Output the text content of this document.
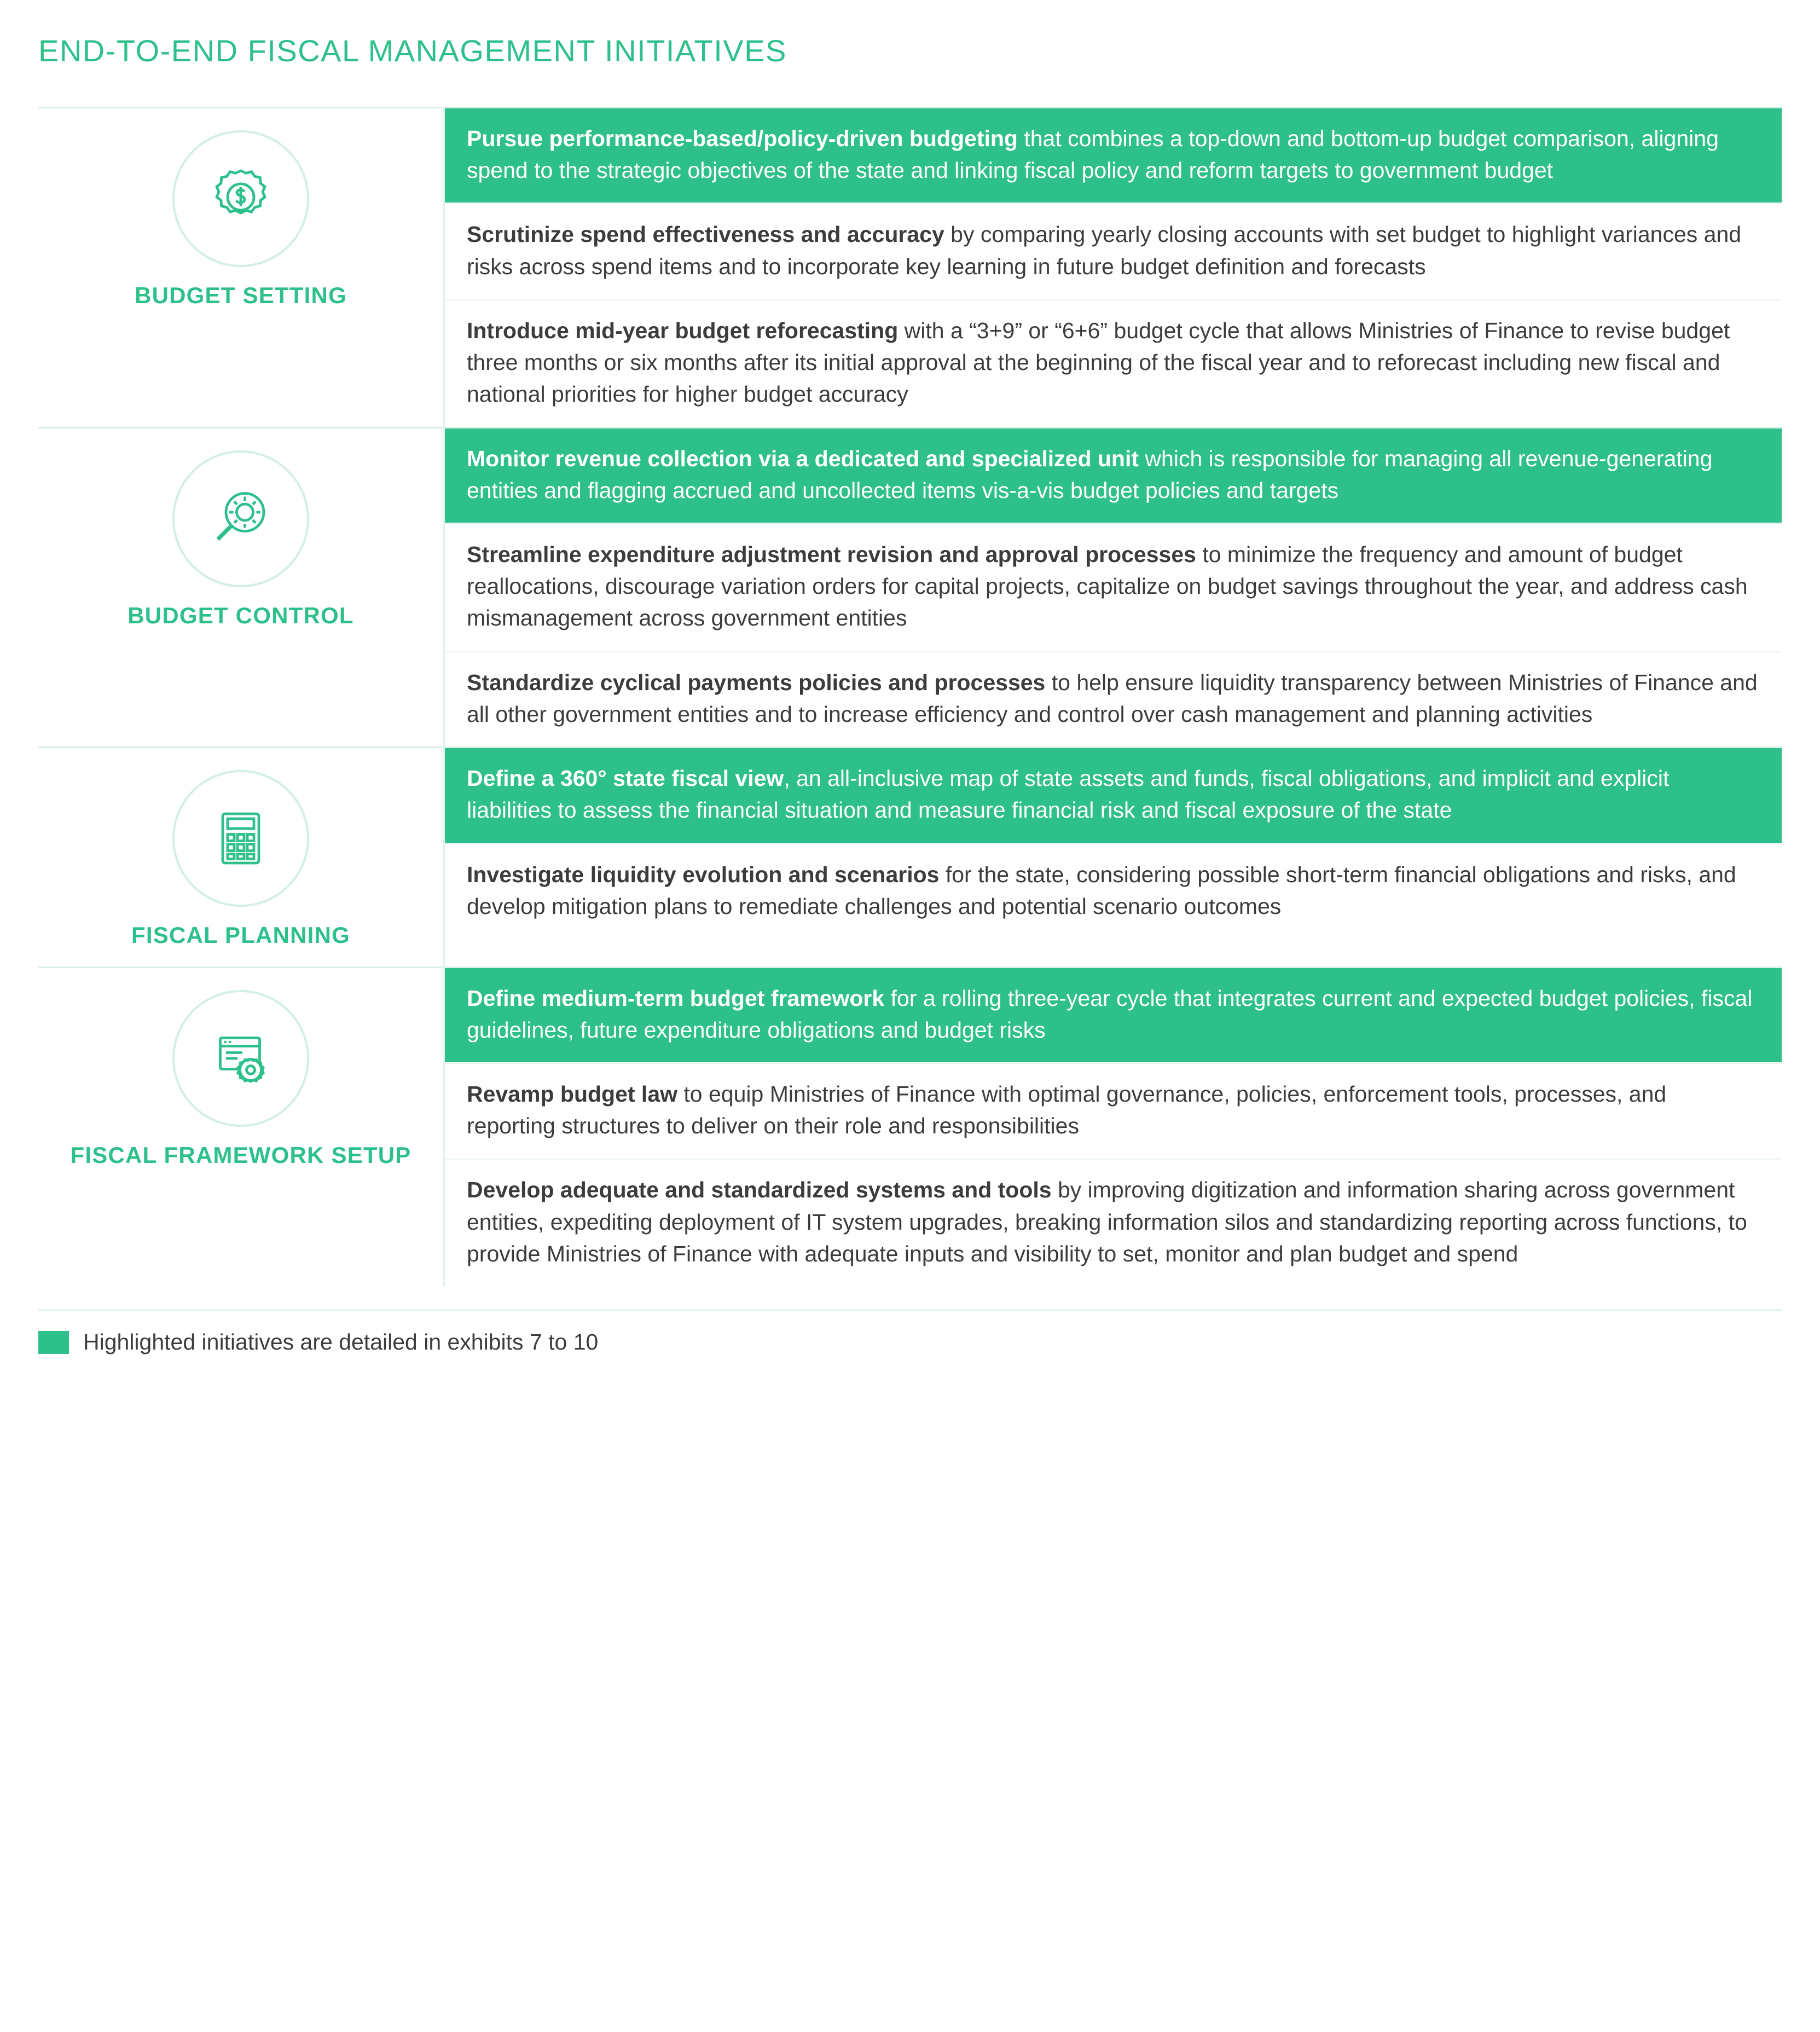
END-TO-END FISCAL MANAGEMENT INITIATIVES
BUDGET SETTING
Pursue performance-based/policy-driven budgeting that combines a top-down and bottom-up budget comparison, aligning spend to the strategic objectives of the state and linking fiscal policy and reform targets to government budget
Scrutinize spend effectiveness and accuracy by comparing yearly closing accounts with set budget to highlight variances and risks across spend items and to incorporate key learning in future budget definition and forecasts
Introduce mid-year budget reforecasting with a “3+9” or “6+6” budget cycle that allows Ministries of Finance to revise budget three months or six months after its initial approval at the beginning of the fiscal year and to reforecast including new fiscal and national priorities for higher budget accuracy
BUDGET CONTROL
Monitor revenue collection via a dedicated and specialized unit which is responsible for managing all revenue-generating entities and flagging accrued and uncollected items vis-a-vis budget policies and targets
Streamline expenditure adjustment revision and approval processes to minimize the frequency and amount of budget reallocations, discourage variation orders for capital projects, capitalize on budget savings throughout the year, and address cash mismanagement across government entities
Standardize cyclical payments policies and processes to help ensure liquidity transparency between Ministries of Finance and all other government entities and to increase efficiency and control over cash management and planning activities
FISCAL PLANNING
Define a 360° state fiscal view, an all-inclusive map of state assets and funds, fiscal obligations, and implicit and explicit liabilities to assess the financial situation and measure financial risk and fiscal exposure of the state
Investigate liquidity evolution and scenarios for the state, considering possible short-term financial obligations and risks, and develop mitigation plans to remediate challenges and potential scenario outcomes
FISCAL FRAMEWORK SETUP
Define medium-term budget framework for a rolling three-year cycle that integrates current and expected budget policies, fiscal guidelines, future expenditure obligations and budget risks
Revamp budget law to equip Ministries of Finance with optimal governance, policies, enforcement tools, processes, and reporting structures to deliver on their role and responsibilities
Develop adequate and standardized systems and tools by improving digitization and information sharing across government entities, expediting deployment of IT system upgrades, breaking information silos and standardizing reporting across functions, to provide Ministries of Finance with adequate inputs and visibility to set, monitor and plan budget and spend
Highlighted initiatives are detailed in exhibits 7 to 10
